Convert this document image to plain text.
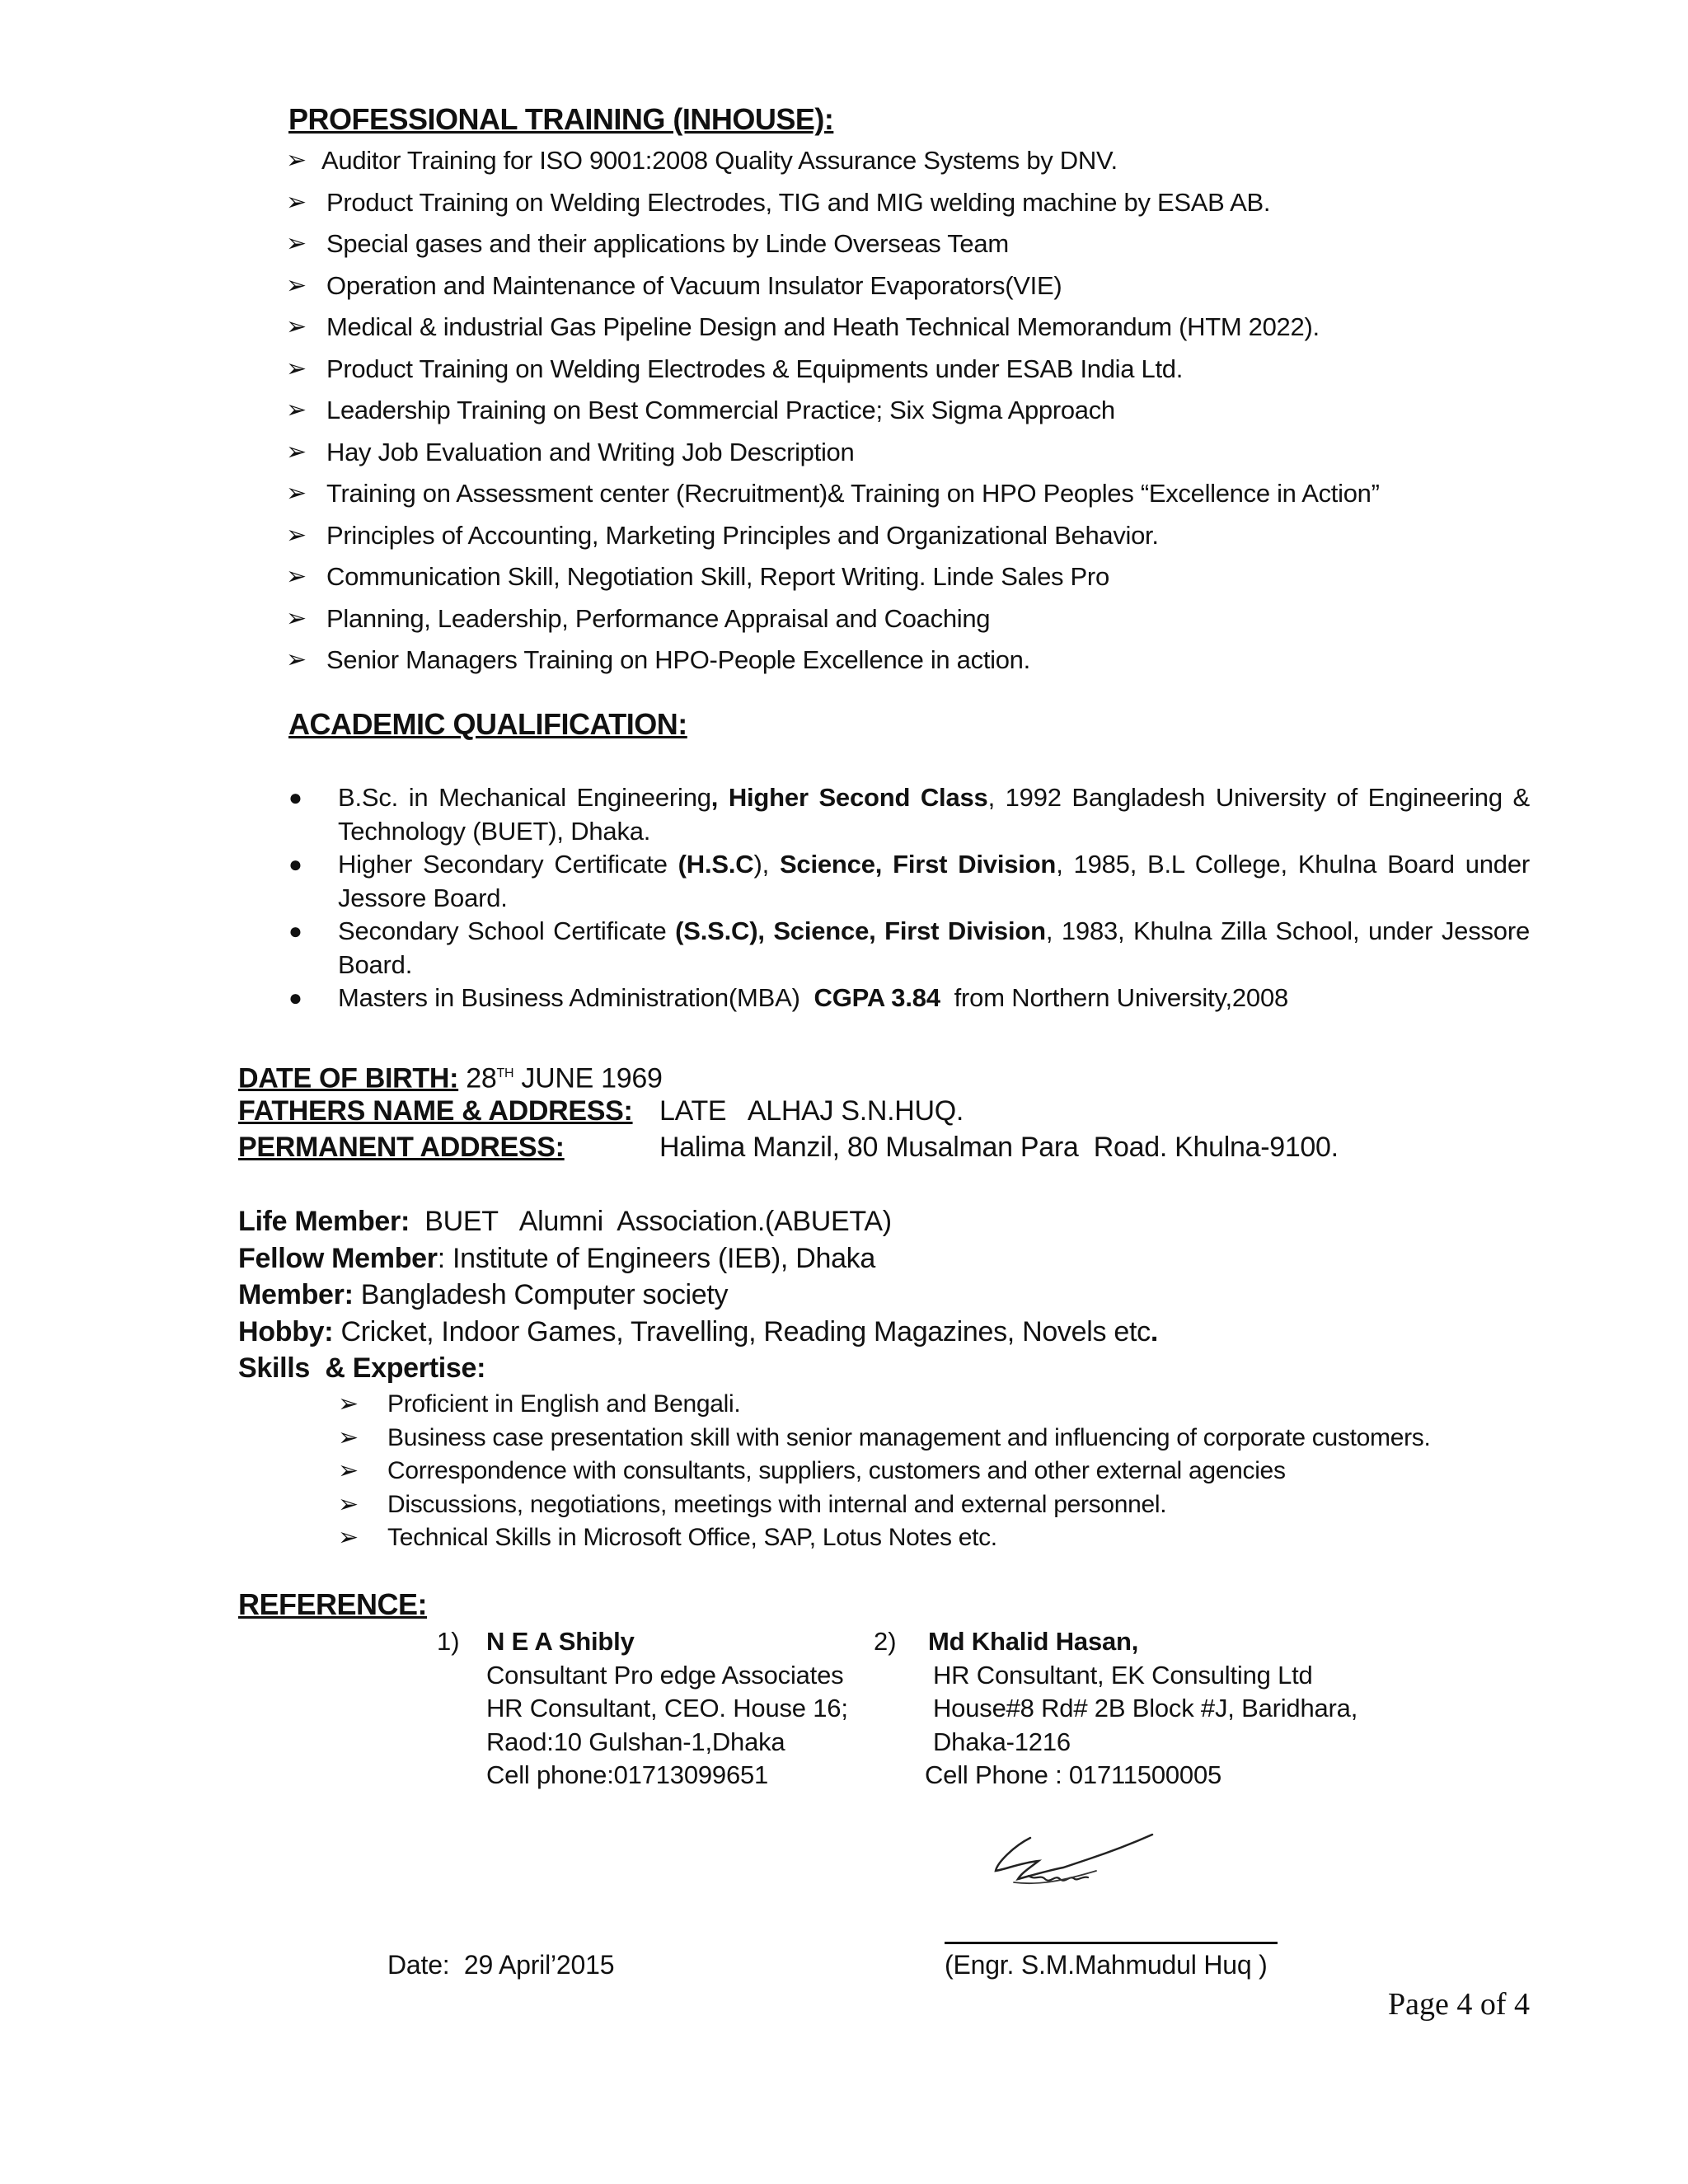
PROFESSIONAL TRAINING (INHOUSE):
➢ Auditor Training for ISO 9001:2008 Quality Assurance Systems by DNV.
➢ Product Training on Welding Electrodes, TIG and MIG welding machine by ESAB AB.
➢ Special gases and their applications by Linde Overseas Team
➢ Operation and Maintenance of Vacuum Insulator Evaporators(VIE)
➢ Medical & industrial Gas Pipeline Design and Heath Technical Memorandum (HTM 2022).
➢ Product Training on Welding Electrodes & Equipments under ESAB India Ltd.
➢ Leadership Training on Best Commercial Practice; Six Sigma Approach
➢ Hay Job Evaluation and Writing Job Description
➢ Training on Assessment center (Recruitment)& Training on HPO Peoples “Excellence in Action”
➢ Principles of Accounting, Marketing Principles and Organizational Behavior.
➢ Communication Skill, Negotiation Skill, Report Writing. Linde Sales Pro
➢ Planning, Leadership, Performance Appraisal and Coaching
➢ Senior Managers Training on HPO-People Excellence in action.
ACADEMIC QUALIFICATION:
● B.Sc. in Mechanical Engineering, Higher Second Class, 1992 Bangladesh University of Engineering & Technology (BUET), Dhaka.
● Higher Secondary Certificate (H.S.C), Science, First Division, 1985, B.L College, Khulna Board under Jessore Board.
● Secondary School Certificate (S.S.C), Science, First Division, 1983, Khulna Zilla School, under Jessore Board.
● Masters in Business Administration(MBA)  CGPA 3.84  from Northern University,2008
DATE OF BIRTH: 28TH JUNE 1969
FATHERS NAME & ADDRESS: LATE   ALHAJ S.N.HUQ.
PERMANENT ADDRESS:	Halima Manzil, 80 Musalman Para  Road. Khulna-9100.
Life Member:  BUET   Alumni  Association.(ABUETA)
Fellow Member: Institute of Engineers (IEB), Dhaka
Member: Bangladesh Computer society
Hobby: Cricket, Indoor Games, Travelling, Reading Magazines, Novels etc.
Skills  & Expertise:
➢ Proficient in English and Bengali.
➢ Business case presentation skill with senior management and influencing of corporate customers.
➢ Correspondence with consultants, suppliers, customers and other external agencies
➢ Discussions, negotiations, meetings with internal and external personnel.
➢ Technical Skills in Microsoft Office, SAP, Lotus Notes etc.
REFERENCE:
1) N E A Shibly
Consultant Pro edge Associates
HR Consultant, CEO. House 16;
Raod:10 Gulshan-1,Dhaka
Cell phone:01713099651
2) Md Khalid Hasan,
HR Consultant, EK Consulting Ltd
House#8 Rd# 2B Block #J, Baridhara,
Dhaka-1216
Cell Phone : 01711500005
Date:  29 April’2015	(Engr. S.M.Mahmudul Huq )
Page 4 of 4
